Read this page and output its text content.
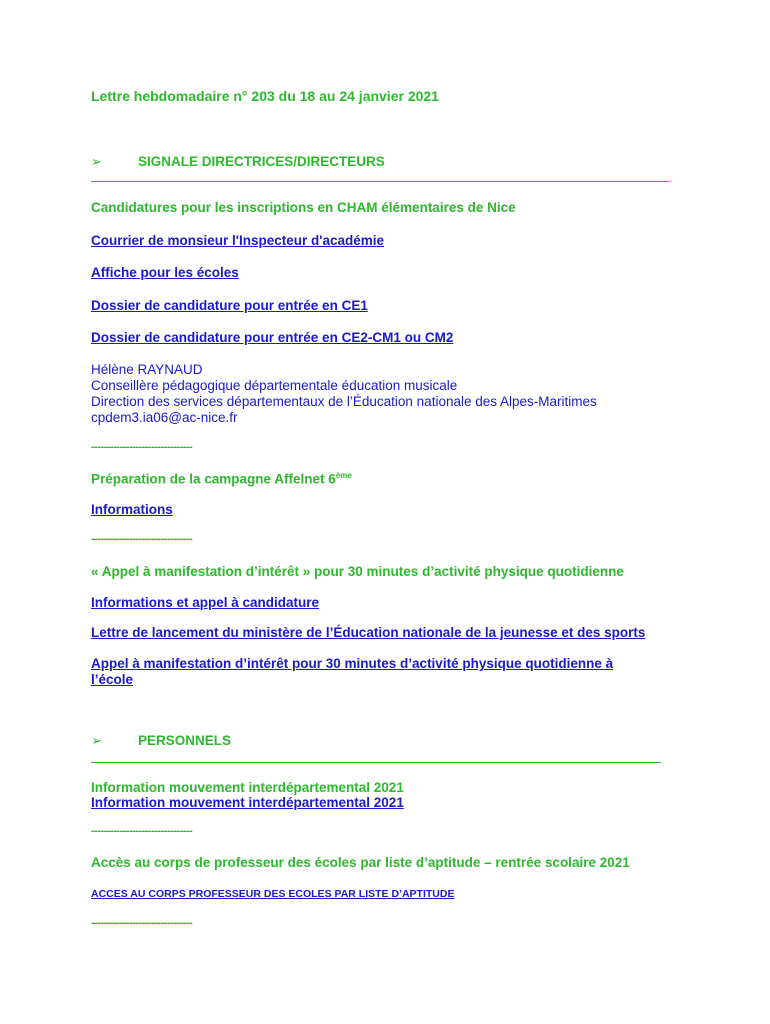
Lettre hebdomadaire n° 203 du 18 au 24 janvier 2021
➢	SIGNALE DIRECTRICES/DIRECTEURS
Candidatures pour les inscriptions en CHAM élémentaires de Nice
Courrier de monsieur l'Inspecteur d'académie
Affiche pour les écoles
Dossier de candidature pour entrée en CE1
Dossier de candidature pour entrée en CE2-CM1 ou CM2
Hélène RAYNAUD
Conseillère pédagogique départementale éducation musicale
Direction des services départementaux de l’Éducation nationale des Alpes-Maritimes
cpdem3.ia06@ac-nice.fr
--------------------------------
Préparation de la campagne Affelnet 6ème
Informations
--------------------------------
« Appel à manifestation d’intérêt » pour 30 minutes d’activité physique quotidienne
Informations et appel à candidature
Lettre de lancement du ministère de l’Éducation nationale de la jeunesse et des sports
Appel à manifestation d’intérêt pour 30 minutes d’activité physique quotidienne à
l’école
➢	PERSONNELS
Information mouvement interdépartemental 2021
Information mouvement interdépartemental 2021
--------------------------------
Accès au corps de professeur des écoles par liste d’aptitude – rentrée scolaire 2021
ACCES AU CORPS PROFESSEUR DES ECOLES PAR LISTE D’APTITUDE
--------------------------------
